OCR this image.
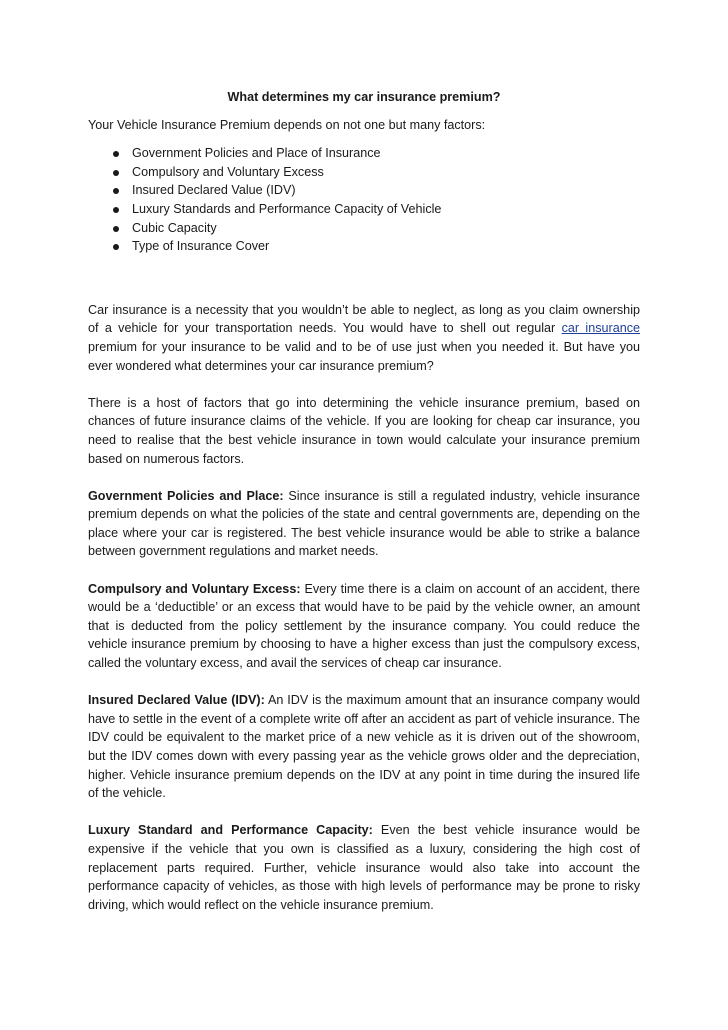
What determines my car insurance premium?
Your Vehicle Insurance Premium depends on not one but many factors:
Government Policies and Place of Insurance
Compulsory and Voluntary Excess
Insured Declared Value (IDV)
Luxury Standards and Performance Capacity of Vehicle
Cubic Capacity
Type of Insurance Cover

Car insurance is a necessity that you wouldn’t be able to neglect, as long as you claim ownership of a vehicle for your transportation needs. You would have to shell out regular car insurance premium for your insurance to be valid and to be of use just when you needed it. But have you ever wondered what determines your car insurance premium?

There is a host of factors that go into determining the vehicle insurance premium, based on chances of future insurance claims of the vehicle. If you are looking for cheap car insurance, you need to realise that the best vehicle insurance in town would calculate your insurance premium based on numerous factors.

Government Policies and Place: Since insurance is still a regulated industry, vehicle insurance premium depends on what the policies of the state and central governments are, depending on the place where your car is registered. The best vehicle insurance would be able to strike a balance between government regulations and market needs.

Compulsory and Voluntary Excess: Every time there is a claim on account of an accident, there would be a ‘deductible’ or an excess that would have to be paid by the vehicle owner, an amount that is deducted from the policy settlement by the insurance company. You could reduce the vehicle insurance premium by choosing to have a higher excess than just the compulsory excess, called the voluntary excess, and avail the services of cheap car insurance.

Insured Declared Value (IDV): An IDV is the maximum amount that an insurance company would have to settle in the event of a complete write off after an accident as part of vehicle insurance. The IDV could be equivalent to the market price of a new vehicle as it is driven out of the showroom, but the IDV comes down with every passing year as the vehicle grows older and the depreciation, higher. Vehicle insurance premium depends on the IDV at any point in time during the insured life of the vehicle.

Luxury Standard and Performance Capacity: Even the best vehicle insurance would be expensive if the vehicle that you own is classified as a luxury, considering the high cost of replacement parts required. Further, vehicle insurance would also take into account the performance capacity of vehicles, as those with high levels of performance may be prone to risky driving, which would reflect on the vehicle insurance premium.
